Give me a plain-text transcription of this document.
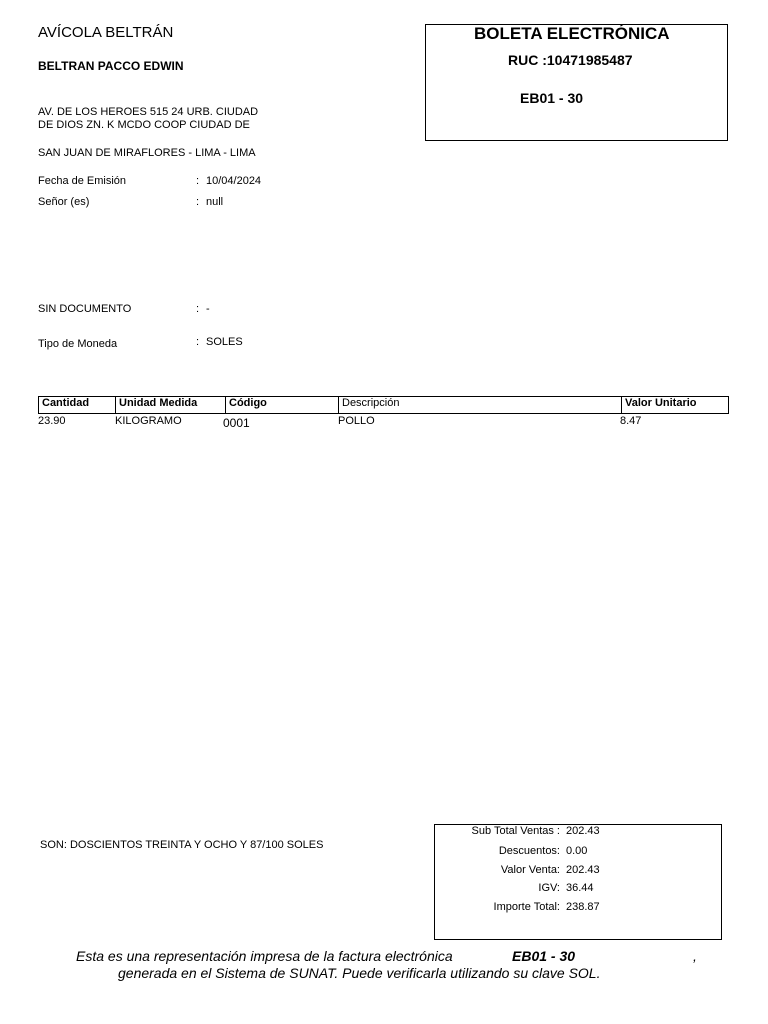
AVÍCOLA BELTRÁN
BELTRAN PACCO EDWIN
AV. DE LOS HEROES 515 24 URB. CIUDAD
DE DIOS ZN. K MCDO COOP CIUDAD DE
SAN JUAN DE MIRAFLORES - LIMA - LIMA
BOLETA ELECTRÓNICA
RUC :10471985487
EB01 - 30
Fecha de Emisión	: 10/04/2024
Señor (es)	: null
SIN DOCUMENTO	: -
Tipo de Moneda	: SOLES
Cantidad	Unidad Medida	Código	Descripción	Valor Unitario
23.90	KILOGRAMO	0001	POLLO	8.47
SON: DOSCIENTOS TREINTA Y OCHO Y 87/100 SOLES
Sub Total Ventas : 202.43
Descuentos: 0.00
Valor Venta: 202.43
IGV: 36.44
Importe Total: 238.87
Esta es una representación impresa de la factura electrónica	EB01 - 30	,
generada en el Sistema de SUNAT. Puede verificarla utilizando su clave SOL.
